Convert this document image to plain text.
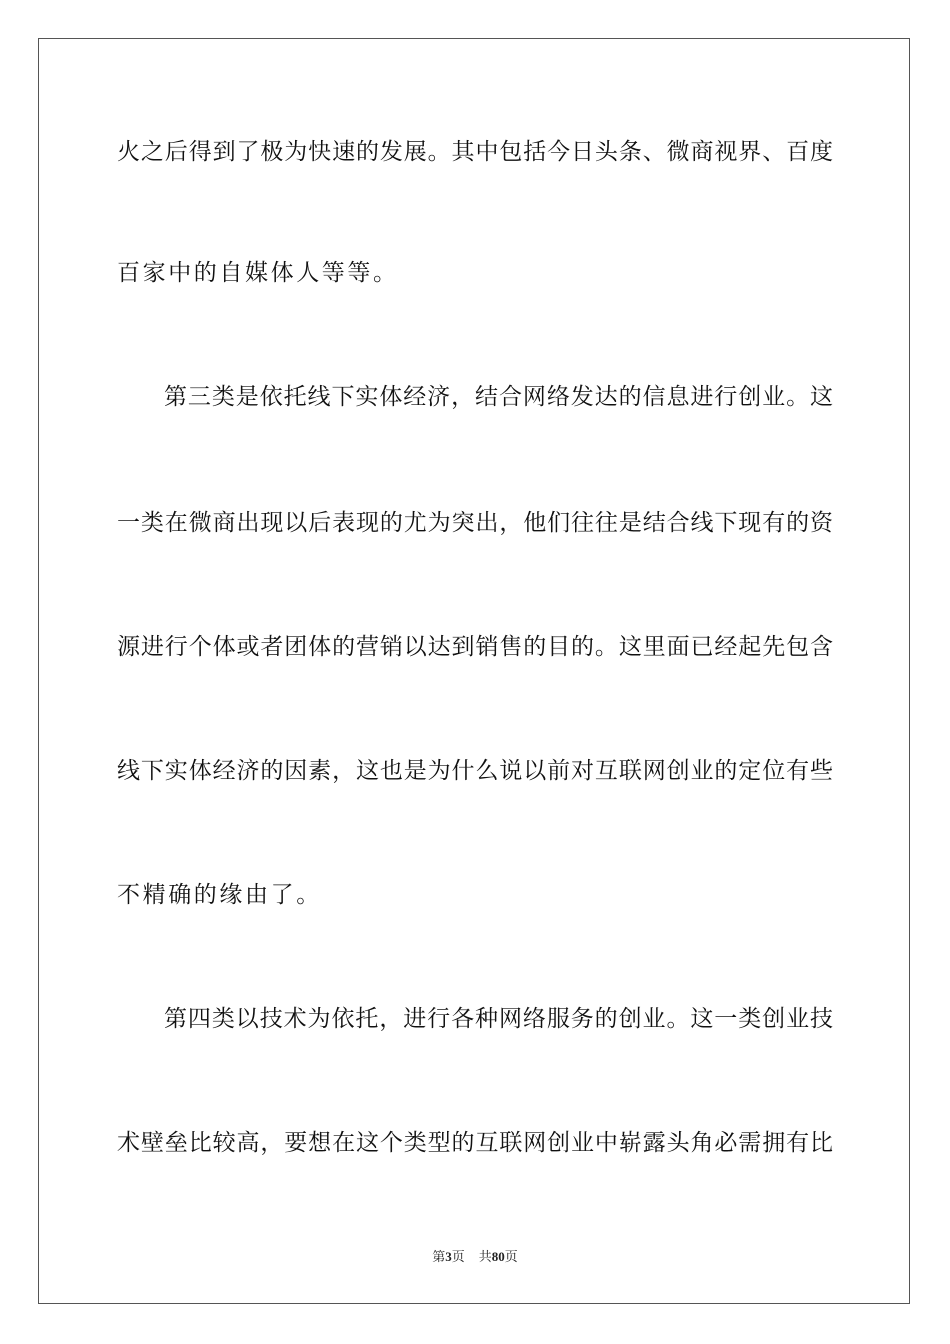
火之后得到了极为快速的发展。其中包括今日头条、微商视界、百度
百家中的自媒体人等等。
第三类是依托线下实体经济，结合网络发达的信息进行创业。这
一类在微商出现以后表现的尤为突出，他们往往是结合线下现有的资
源进行个体或者团体的营销以达到销售的目的。这里面已经起先包含
线下实体经济的因素，这也是为什么说以前对互联网创业的定位有些
不精确的缘由了。
第四类以技术为依托，进行各种网络服务的创业。这一类创业技
术壁垒比较高，要想在这个类型的互联网创业中崭露头角必需拥有比
第3页 共80页
